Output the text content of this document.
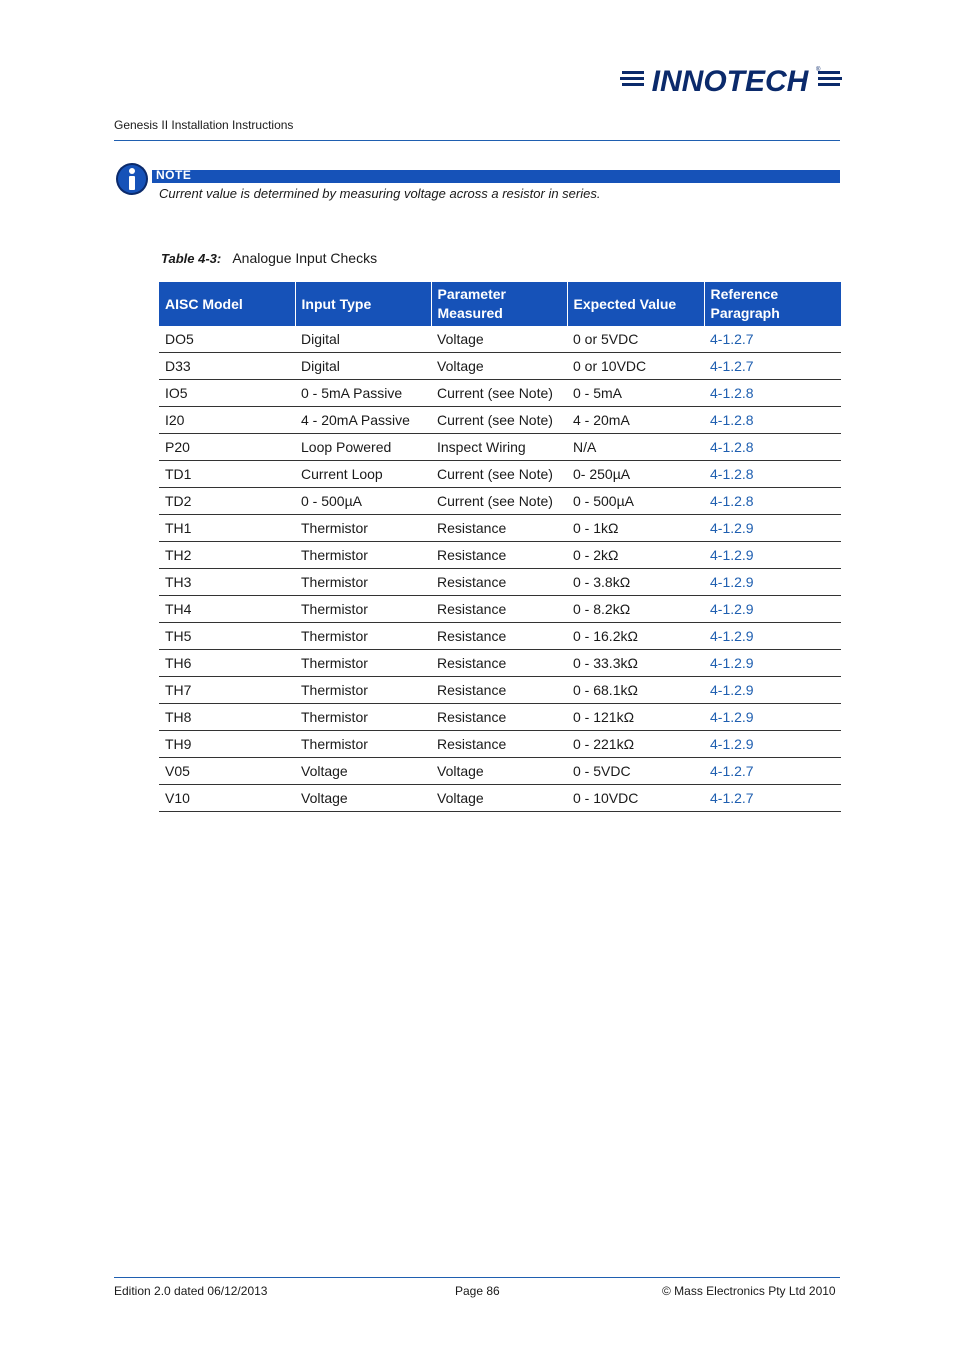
INNOTECH ®
Genesis II Installation Instructions
NOTE
Current value is determined by measuring voltage across a resistor in series.
Table 4-3: Analogue Input Checks
AISC Model	Input Type	Parameter Measured	Expected Value	Reference Paragraph
DO5	Digital	Voltage	0 or 5VDC	4-1.2.7
D33	Digital	Voltage	0 or 10VDC	4-1.2.7
IO5	0 - 5mA Passive	Current (see Note)	0 - 5mA	4-1.2.8
I20	4 - 20mA Passive	Current (see Note)	4 - 20mA	4-1.2.8
P20	Loop Powered	Inspect Wiring	N/A	4-1.2.8
TD1	Current Loop	Current (see Note)	0- 250µA	4-1.2.8
TD2	0 - 500µA	Current (see Note)	0 - 500µA	4-1.2.8
TH1	Thermistor	Resistance	0 - 1kΩ	4-1.2.9
TH2	Thermistor	Resistance	0 - 2kΩ	4-1.2.9
TH3	Thermistor	Resistance	0 - 3.8kΩ	4-1.2.9
TH4	Thermistor	Resistance	0 - 8.2kΩ	4-1.2.9
TH5	Thermistor	Resistance	0 - 16.2kΩ	4-1.2.9
TH6	Thermistor	Resistance	0 - 33.3kΩ	4-1.2.9
TH7	Thermistor	Resistance	0 - 68.1kΩ	4-1.2.9
TH8	Thermistor	Resistance	0 - 121kΩ	4-1.2.9
TH9	Thermistor	Resistance	0 - 221kΩ	4-1.2.9
V05	Voltage	Voltage	0 - 5VDC	4-1.2.7
V10	Voltage	Voltage	0 - 10VDC	4-1.2.7
Edition 2.0 dated 06/12/2013	Page 86	© Mass Electronics Pty Ltd 2010
